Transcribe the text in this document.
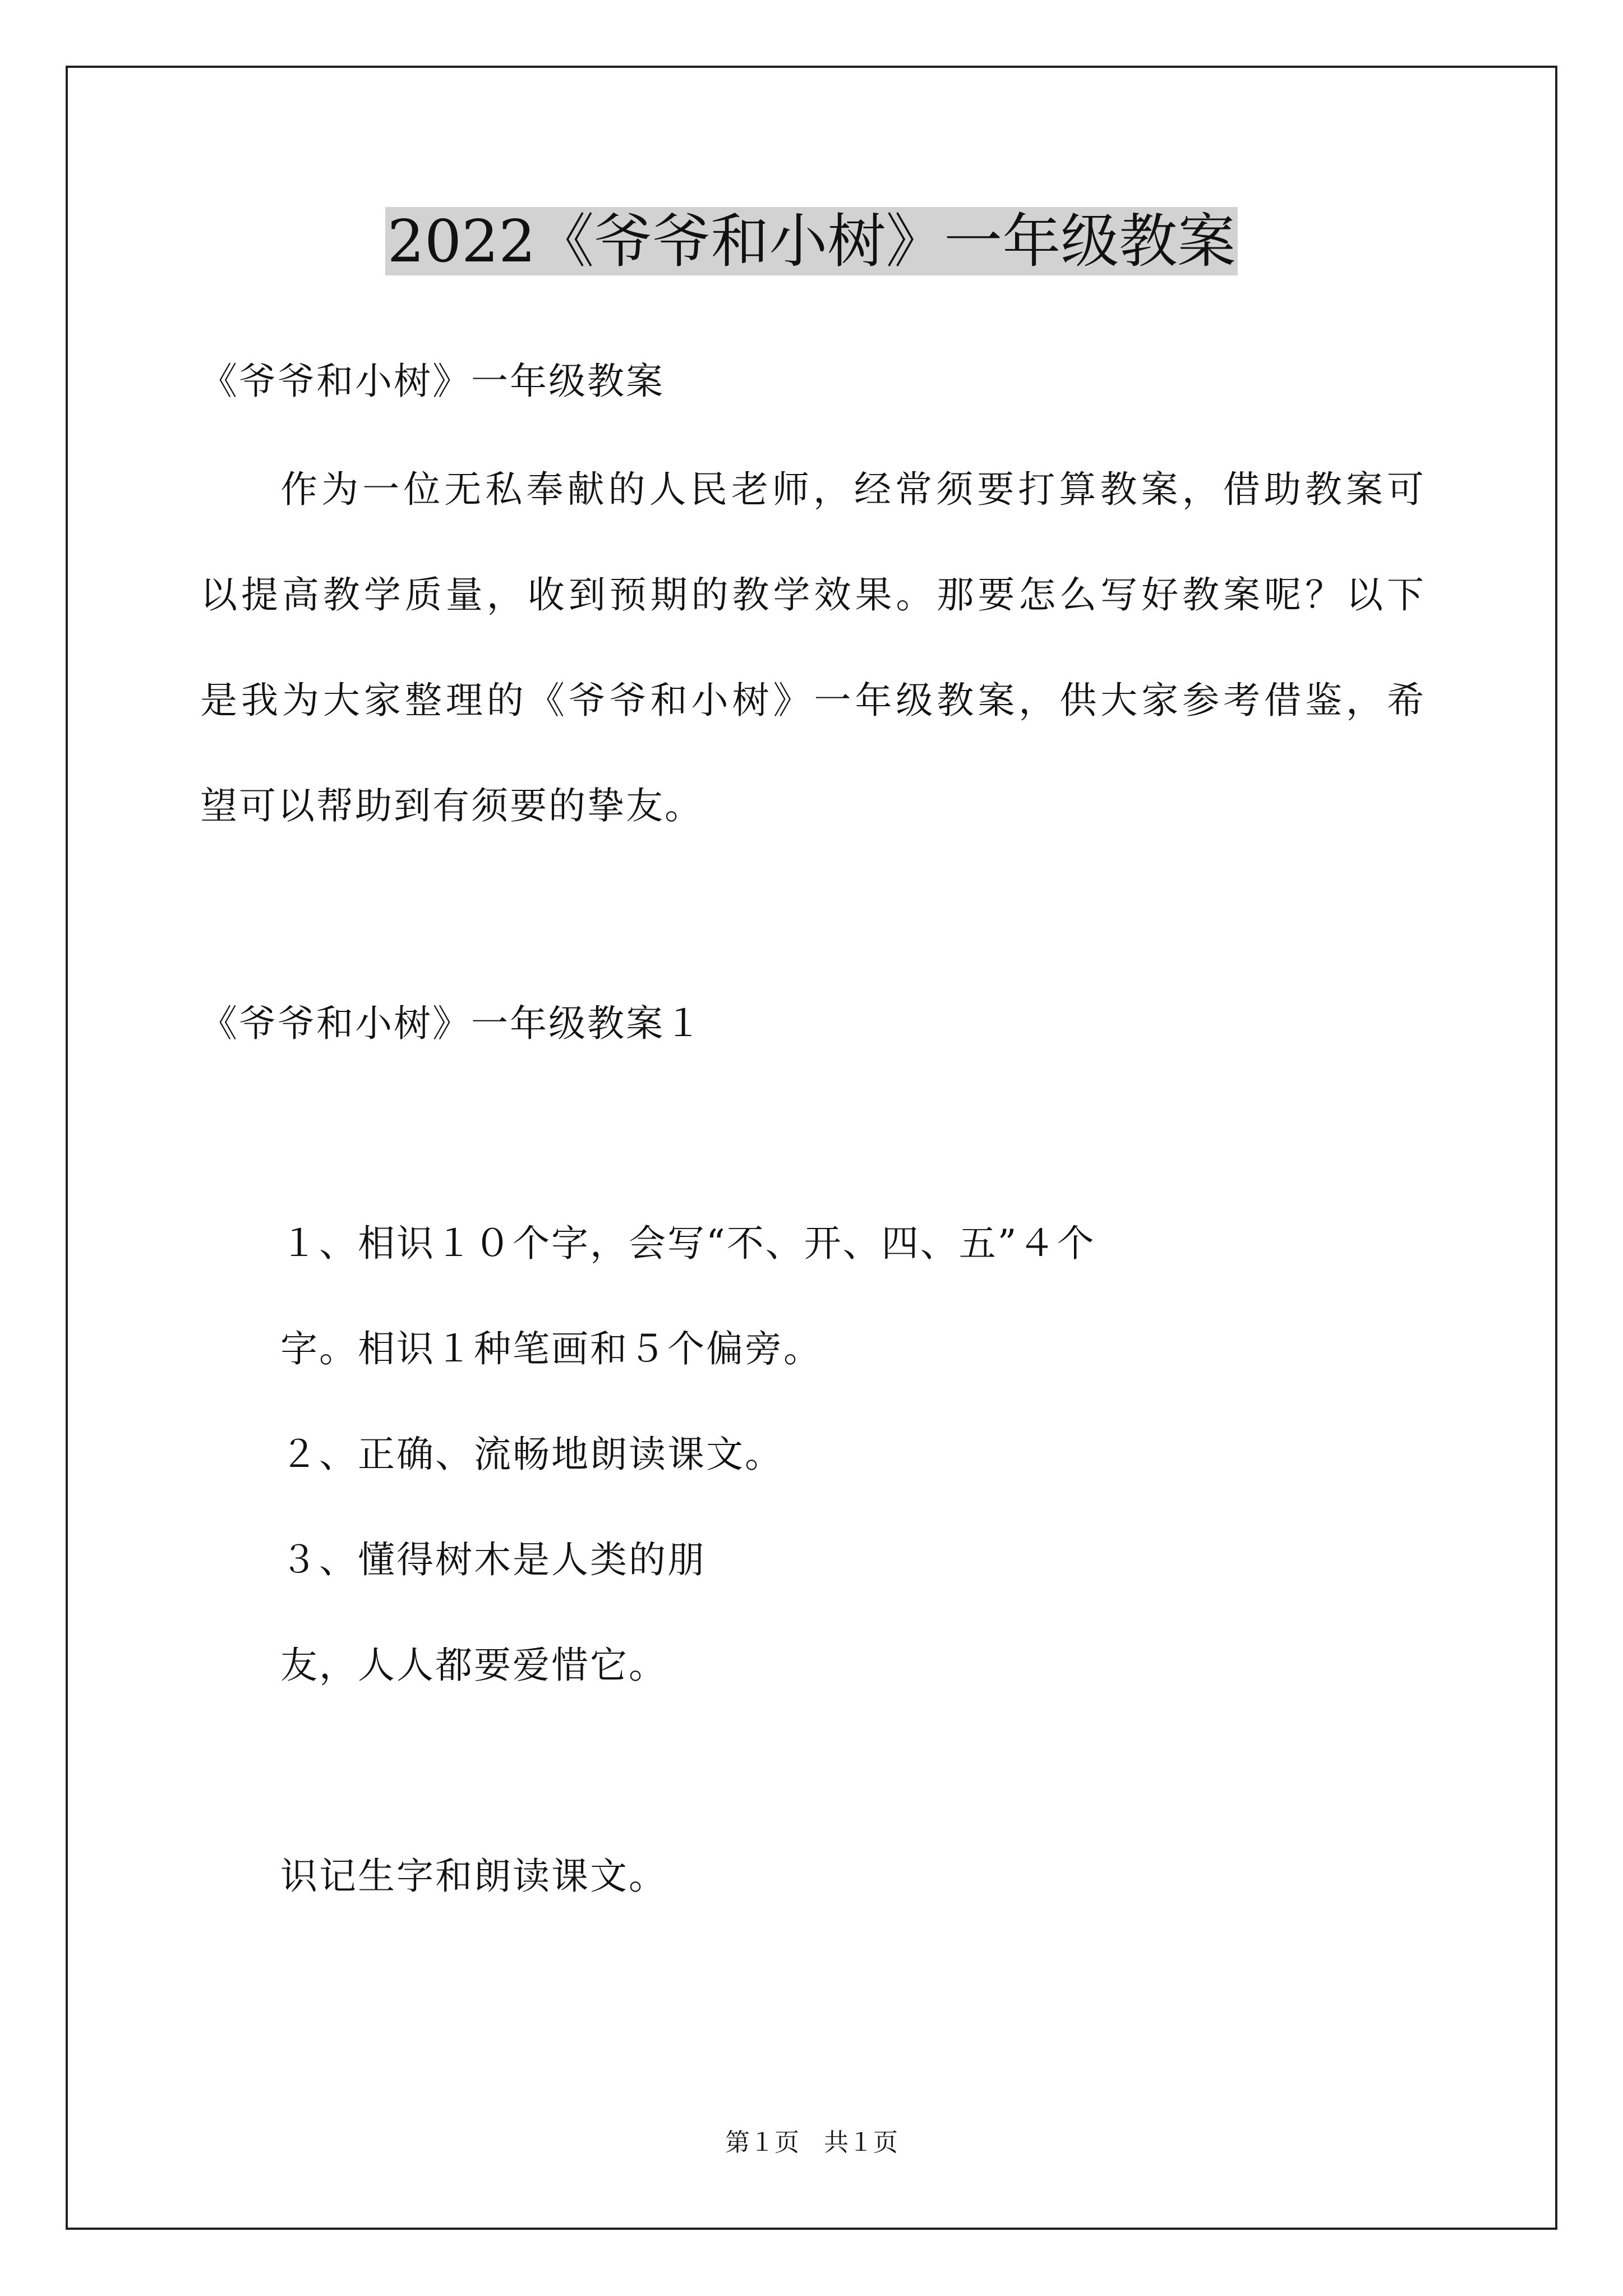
2022《爷爷和小树》一年级教案
《爷爷和小树》一年级教案
作为一位无私奉献的人民老师，经常须要打算教案，借助教案可
以提高教学质量，收到预期的教学效果。那要怎么写好教案呢？以下
是我为大家整理的《爷爷和小树》一年级教案，供大家参考借鉴，希
望可以帮助到有须要的挚友。
《爷爷和小树》一年级教案１
１、相识１０个字，会写“不、开、四、五”４个
字。相识１种笔画和５个偏旁。
２、正确、流畅地朗读课文。
３、懂得树木是人类的朋
友，人人都要爱惜它。
识记生字和朗读课文。
第１页　共１页
